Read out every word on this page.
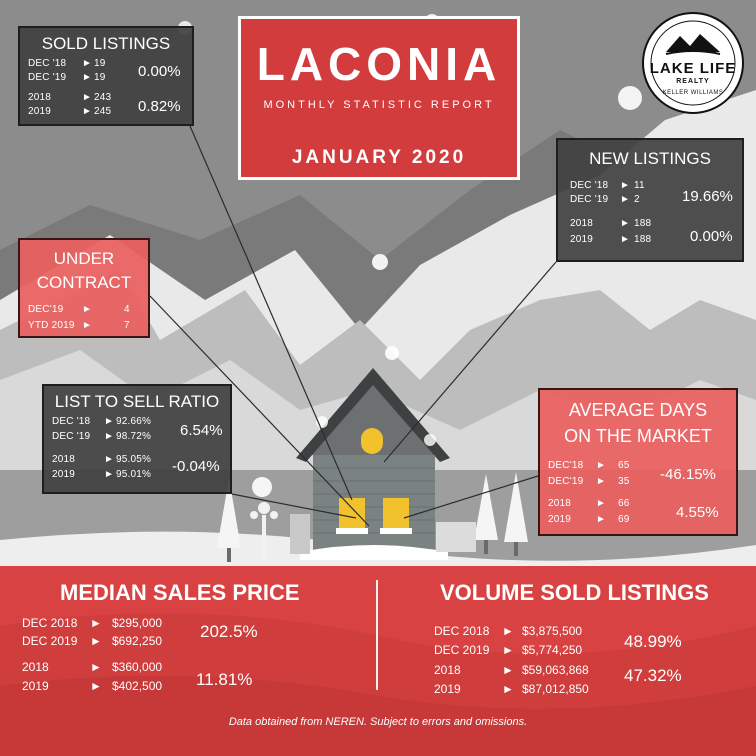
LACONIA
MONTHLY STATISTIC REPORT
JANUARY 2020
LAKE LIFE
REALTY
KELLER WILLIAMS
SOLD LISTINGS
DEC '18 ► 19
DEC '19 ► 19
2018	► 243
2019	► 245
0.00%
0.82%
NEW LISTINGS
DEC '18 ► 11
DEC '19 ► 2
2018	► 188
2019	► 188
19.66%
0.00%
UNDER
CONTRACT
DEC'19 ►	4
YTD 2019 ►	7
LIST TO SELL RATIO
DEC '18 ► 92.66%
DEC '19 ► 98.72%
2018	► 95.05%
2019	► 95.01%
6.54%
-0.04%
AVERAGE DAYS
ON THE MARKET
DEC'18 ► 65
DEC'19 ► 35
2018 ► 66
2019 ► 69
-46.15%
4.55%
MEDIAN SALES PRICE
DEC 2018 ► $295,000
DEC 2019 ► $692,250
2018	► $360,000
2019	► $402,500
202.5%
11.81%
VOLUME SOLD LISTINGS
DEC 2018 ► $3,875,500
DEC 2019 ► $5,774,250
2018	► $59,063,868
2019	► $87,012,850
48.99%
47.32%
Data obtained from NEREN. Subject to errors and omissions.
